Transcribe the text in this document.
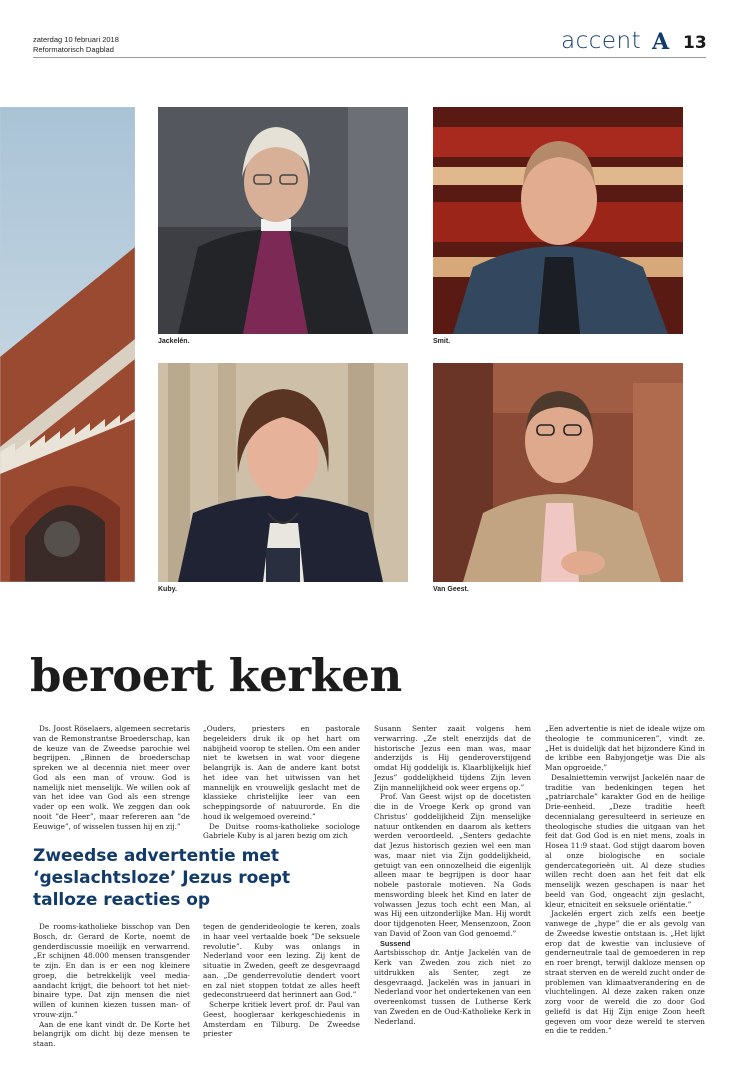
zaterdag 10 februari 2018
Reformatorisch Dagblad	accent A 13
Jackelén.	Smit.
Kuby.	Van Geest.
beroert kerken

Ds. Joost Röselaers, algemeen secretaris van de Remonstrantse Broederschap, kan de keuze van de Zweedse parochie wel begrijpen. „Binnen de broederschap spreken we al decennia niet meer over God als een man of vrouw. God is namelijk niet menselijk. We willen ook af van het idee van God als een strenge vader op een wolk. We zeggen dan ook nooit ”de Heer”, maar refereren aan ”de Eeuwige”, of wisselen tussen hij en zij.”

„Ouders, priesters en pastorale begeleiders druk ik op het hart om nabijheid voorop te stellen. Om een ander niet te kwetsen in wat voor diegene belangrijk is. Aan de andere kant botst het idee van het uitwissen van het mannelijk en vrouwelijk geslacht met de klassieke christelijke leer van een scheppingsorde of natuurorde. En die houd ik welgemoed overeind.”

De Duitse rooms-katholieke sociologe Gabriele Kuby is al jaren bezig om zich

Zweedse advertentie met ‘geslachtsloze’ Jezus roept talloze reacties op

De rooms-katholieke bisschop van Den Bosch, dr. Gerard de Korte, noemt de genderdiscussie moeilijk en verwarrend. „Er schijnen 48.000 mensen transgender te zijn. En dan is er een nog kleinere groep, die betrekkelijk veel media-aandacht krijgt, die behoort tot het niet-binaire type. Dat zijn mensen die niet willen of kunnen kiezen tussen man- of vrouw-zijn.”

Aan de ene kant vindt dr. De Korte het belangrijk om dicht bij deze mensen te staan.

tegen de genderideologie te keren, zoals in haar veel vertaalde boek ”De seksuele revolutie”. Kuby was onlangs in Nederland voor een lezing. Zij kent de situatie in Zweden, geeft ze desgevraagd aan. „De genderrevolutie dendert voort en zal niet stoppen totdat ze alles heeft gedeconstrueerd dat herinnert aan God.”

Scherpe kritiek levert prof. dr. Paul van Geest, hoogleraar kerkgeschiedenis in Amsterdam en Tilburg. De Zweedse priester

Susann Senter zaait volgens hem verwarring. „Ze stelt enerzijds dat de historische Jezus een man was, maar anderzijds is Hij genderoverstijgend omdat Hij goddelijk is. Klaarblijkelijk hief Jezus” goddelijkheid tijdens Zijn leven Zijn mannelijkheid ook weer ergens op.”

Prof. Van Geest wijst op de docetisten die in de Vroege Kerk op grond van Christus’ goddelijkheid Zijn menselijke natuur ontkenden en daarom als ketters werden veroordeeld. „Senters gedachte dat Jezus historisch gezien wel een man was, maar niet via Zijn goddelijkheid, getuigt van een onnozelheid die eigenlijk alleen maar te begrijpen is door haar nobele pastorale motieven. Na Gods menswording bleek het Kind en later de volwassen Jezus toch echt een Man, al was Hij een uitzonderlijke Man. Hij wordt door tijdgenoten Heer, Mensenzoon, Zoon van David of Zoon van God genoemd.”

Sussend

Aartsbisschop dr. Antje Jackelén van de Kerk van Zweden zou zich niet zo uitdrukken als Senter, zegt ze desgevraagd. Jackelén was in januari in Nederland voor het ondertekenen van een overeenkomst tussen de Lutherse Kerk van Zweden en de Oud-Katholieke Kerk in Nederland.

„Een advertentie is niet de ideale wijze om theologie te communiceren”, vindt ze. „Het is duidelijk dat het bijzondere Kind in de kribbe een Babyjongetje was Die als Man opgroeide.”

Desalniettemin verwijst Jackelén naar de traditie van bedenkingen tegen het „patriarchale” karakter God en de heilige Drie-eenheid. „Deze traditie heeft decennialang geresulteerd in serieuze en theologische studies die uitgaan van het feit dat God God is en niet mens, zoals in Hosea 11:9 staat. God stijgt daarom boven al onze biologische en sociale gendercategorieën uit. Al deze studies willen recht doen aan het feit dat elk menselijk wezen geschapen is naar het beeld van God, ongeacht zijn geslacht, kleur, etniciteit en seksuele oriëntatie.”

Jackelén ergert zich zelfs een beetje vanwege de „hype” die er als gevolg van de Zweedse kwestie ontstaan is. „Het lijkt erop dat de kwestie van inclusieve of genderneutrale taal de gemoederen in rep en roer brengt, terwijl dakloze mensen op straat sterven en de wereld zucht onder de problemen van klimaatverandering en de vluchtelingen. Al deze zaken raken onze zorg voor de wereld die zo door God geliefd is dat Hij Zijn enige Zoon heeft gegeven om voor deze wereld te sterven en die te redden.”
